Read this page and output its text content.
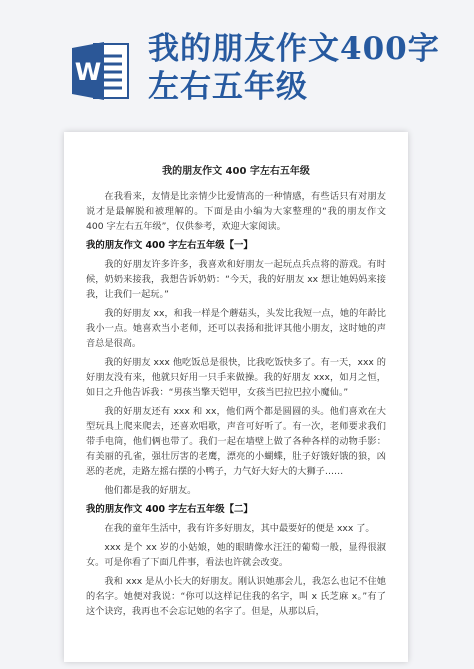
W
我的朋友作文400字左右五年级
我的朋友作文 400 字左右五年级

在我看来，友情是比亲情少比爱情高的一种情感，有些话只有对朋友说才是最解脱和被理解的。下面是由小编为大家整理的“我的朋友作文 400 字左右五年级”，仅供参考，欢迎大家阅读。

我的朋友作文 400 字左右五年级【一】

我的好朋友许多许多，我喜欢和好朋友一起玩点兵点将的游戏。有时候，奶奶来接我，我想告诉奶奶：“今天，我的好朋友 xx 想让她妈妈来接我，让我们一起玩。”

我的好朋友 xx，和我一样是个蘑菇头，头发比我短一点，她的年龄比我小一点。她喜欢当小老师，还可以表扬和批评其他小朋友，这时她的声音总是很高。

我的好朋友 xxx 他吃饭总是很快，比我吃饭快多了。有一天，xxx 的好朋友没有来，他就只好用一只手来做操。我的好朋友 xxx，如月之恒，如日之升他告诉我：“男孩当擎天铠甲，女孩当巴拉巴拉小魔仙。”

我的好朋友还有 xxx 和 xx，他们两个都是圆圆的头。他们喜欢在大型玩具上爬来爬去，还喜欢唱歌，声音可好听了。有一次，老师要求我们带手电筒，他们俩也带了。我们一起在墙壁上做了各种各样的动物手影：有美丽的孔雀，强壮厉害的老鹰，漂亮的小蝴蝶，肚子好饿好饿的狼，凶恶的老虎，走路左摇右摆的小鸭子，力气好大好大的大狮子……

他们都是我的好朋友。

我的朋友作文 400 字左右五年级【二】

在我的童年生活中，我有许多好朋友，其中最要好的便是 xxx 了。

xxx 是个 xx 岁的小姑娘，她的眼睛像水汪汪的葡萄一般，显得很淑女。可是你看了下面几件事，看法也许就会改变。

我和 xxx 是从小长大的好朋友。刚认识她那会儿，我怎么也记不住她的名字。她便对我说：“你可以这样记住我的名字，叫 x 氏芝麻 x。”有了这个诀窍，我再也不会忘记她的名字了。但是，从那以后，
